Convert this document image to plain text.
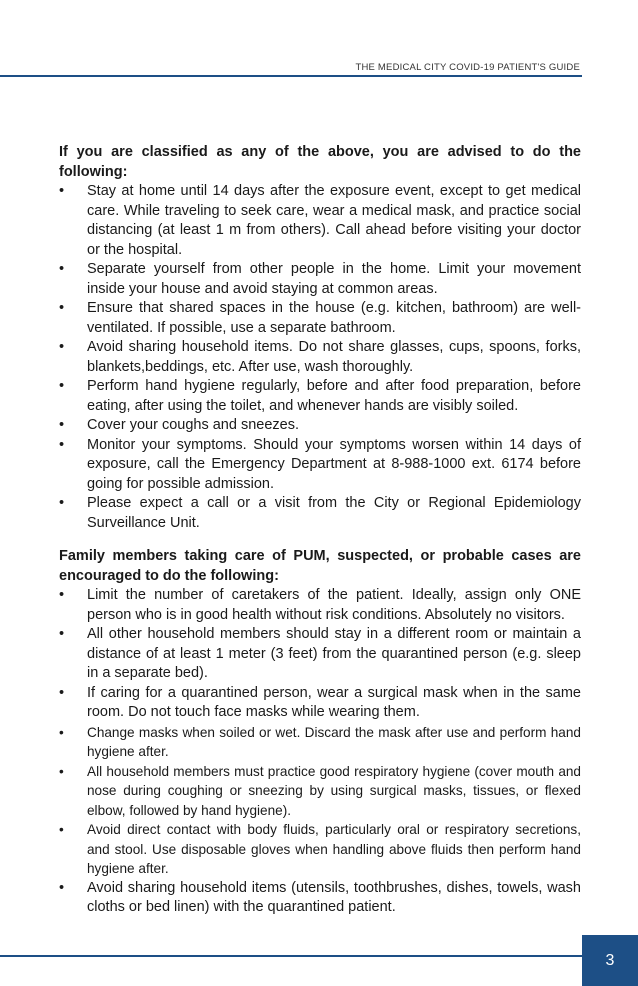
THE MEDICAL CITY COVID-19 PATIENT'S GUIDE

If you are classified as any of the above, you are advised to do the following:

• Stay at home until 14 days after the exposure event, except to get medical care. While traveling to seek care, wear a medical mask, and practice social distancing (at least 1 m from others). Call ahead before visiting your doctor or the hospital.
• Separate yourself from other people in the home. Limit your movement inside your house and avoid staying at common areas.
• Ensure that shared spaces in the house (e.g. kitchen, bathroom) are well-ventilated. If possible, use a separate bathroom.
• Avoid sharing household items. Do not share glasses, cups, spoons, forks, blankets,beddings, etc. After use, wash thoroughly.
• Perform hand hygiene regularly, before and after food preparation, before eating, after using the toilet, and whenever hands are visibly soiled.
• Cover your coughs and sneezes.
• Monitor your symptoms. Should your symptoms worsen within 14 days of exposure, call the Emergency Department at 8-988-1000 ext. 6174 before going for possible admission.
• Please expect a call or a visit from the City or Regional Epidemiology Surveillance Unit.

Family members taking care of PUM, suspected, or probable cases are encouraged to do the following:

• Limit the number of caretakers of the patient. Ideally, assign only ONE person who is in good health without risk conditions. Absolutely no visitors.
• All other household members should stay in a different room or maintain a distance of at least 1 meter (3 feet) from the quarantined person (e.g. sleep in a separate bed).
• If caring for a quarantined person, wear a surgical mask when in the same room. Do not touch face masks while wearing them.
• Change masks when soiled or wet. Discard the mask after use and perform hand hygiene after.
• All household members must practice good respiratory hygiene (cover mouth and nose during coughing or sneezing by using surgical masks, tissues, or flexed elbow, followed by hand hygiene).
• Avoid direct contact with body fluids, particularly oral or respiratory secretions, and stool. Use disposable gloves when handling above fluids then perform hand hygiene after.
• Avoid sharing household items (utensils, toothbrushes, dishes, towels, wash cloths or bed linen) with the quarantined patient.
3
